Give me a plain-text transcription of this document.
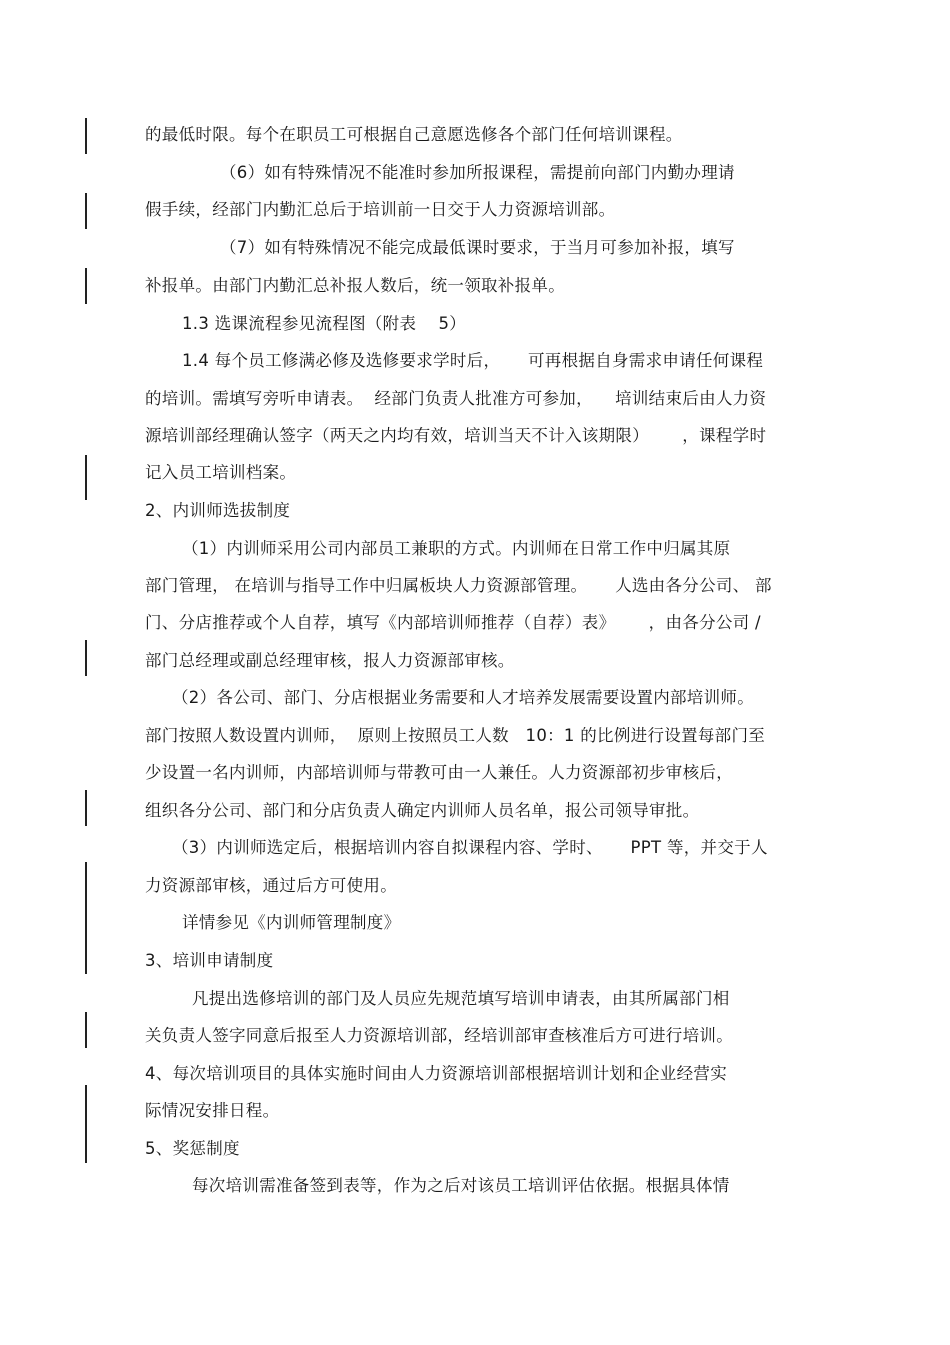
的最低时限。每个在职员工可根据自己意愿选修各个部门任何培训课程。
（6）如有特殊情况不能准时参加所报课程，需提前向部门内勤办理请
假手续，经部门内勤汇总后于培训前一日交于人力资源培训部。
（7）如有特殊情况不能完成最低课时要求，于当月可参加补报，填写
补报单。由部门内勤汇总补报人数后，统一领取补报单。
1.3 选课流程参见流程图（附表    5）
1.4 每个员工修满必修及选修要求学时后，     可再根据自身需求申请任何课程
的培训。需填写旁听申请表。  经部门负责人批准方可参加，    培训结束后由人力资
源培训部经理确认签字（两天之内均有效，培训当天不计入该期限）      ，课程学时
记入员工培训档案。
2、内训师选拔制度
（1）内训师采用公司内部员工兼职的方式。内训师在日常工作中归属其原
部门管理， 在培训与指导工作中归属板块人力资源部管理。     人选由各分公司、 部
门、分店推荐或个人自荐，填写《内部培训师推荐（自荐）表》      ，由各分公司 /
部门总经理或副总经理审核，报人力资源部审核。
（2）各公司、部门、分店根据业务需要和人才培养发展需要设置内部培训师。
部门按照人数设置内训师，  原则上按照员工人数   10：1 的比例进行设置每部门至
少设置一名内训师，内部培训师与带教可由一人兼任。人力资源部初步审核后，
组织各分公司、部门和分店负责人确定内训师人员名单，报公司领导审批。
（3）内训师选定后，根据培训内容自拟课程内容、学时、     PPT 等，并交于人
力资源部审核，通过后方可使用。
详情参见《内训师管理制度》
3、培训申请制度
凡提出选修培训的部门及人员应先规范填写培训申请表，由其所属部门相
关负责人签字同意后报至人力资源培训部，经培训部审查核准后方可进行培训。
4、每次培训项目的具体实施时间由人力资源培训部根据培训计划和企业经营实
际情况安排日程。
5、奖惩制度
每次培训需准备签到表等，作为之后对该员工培训评估依据。根据具体情
